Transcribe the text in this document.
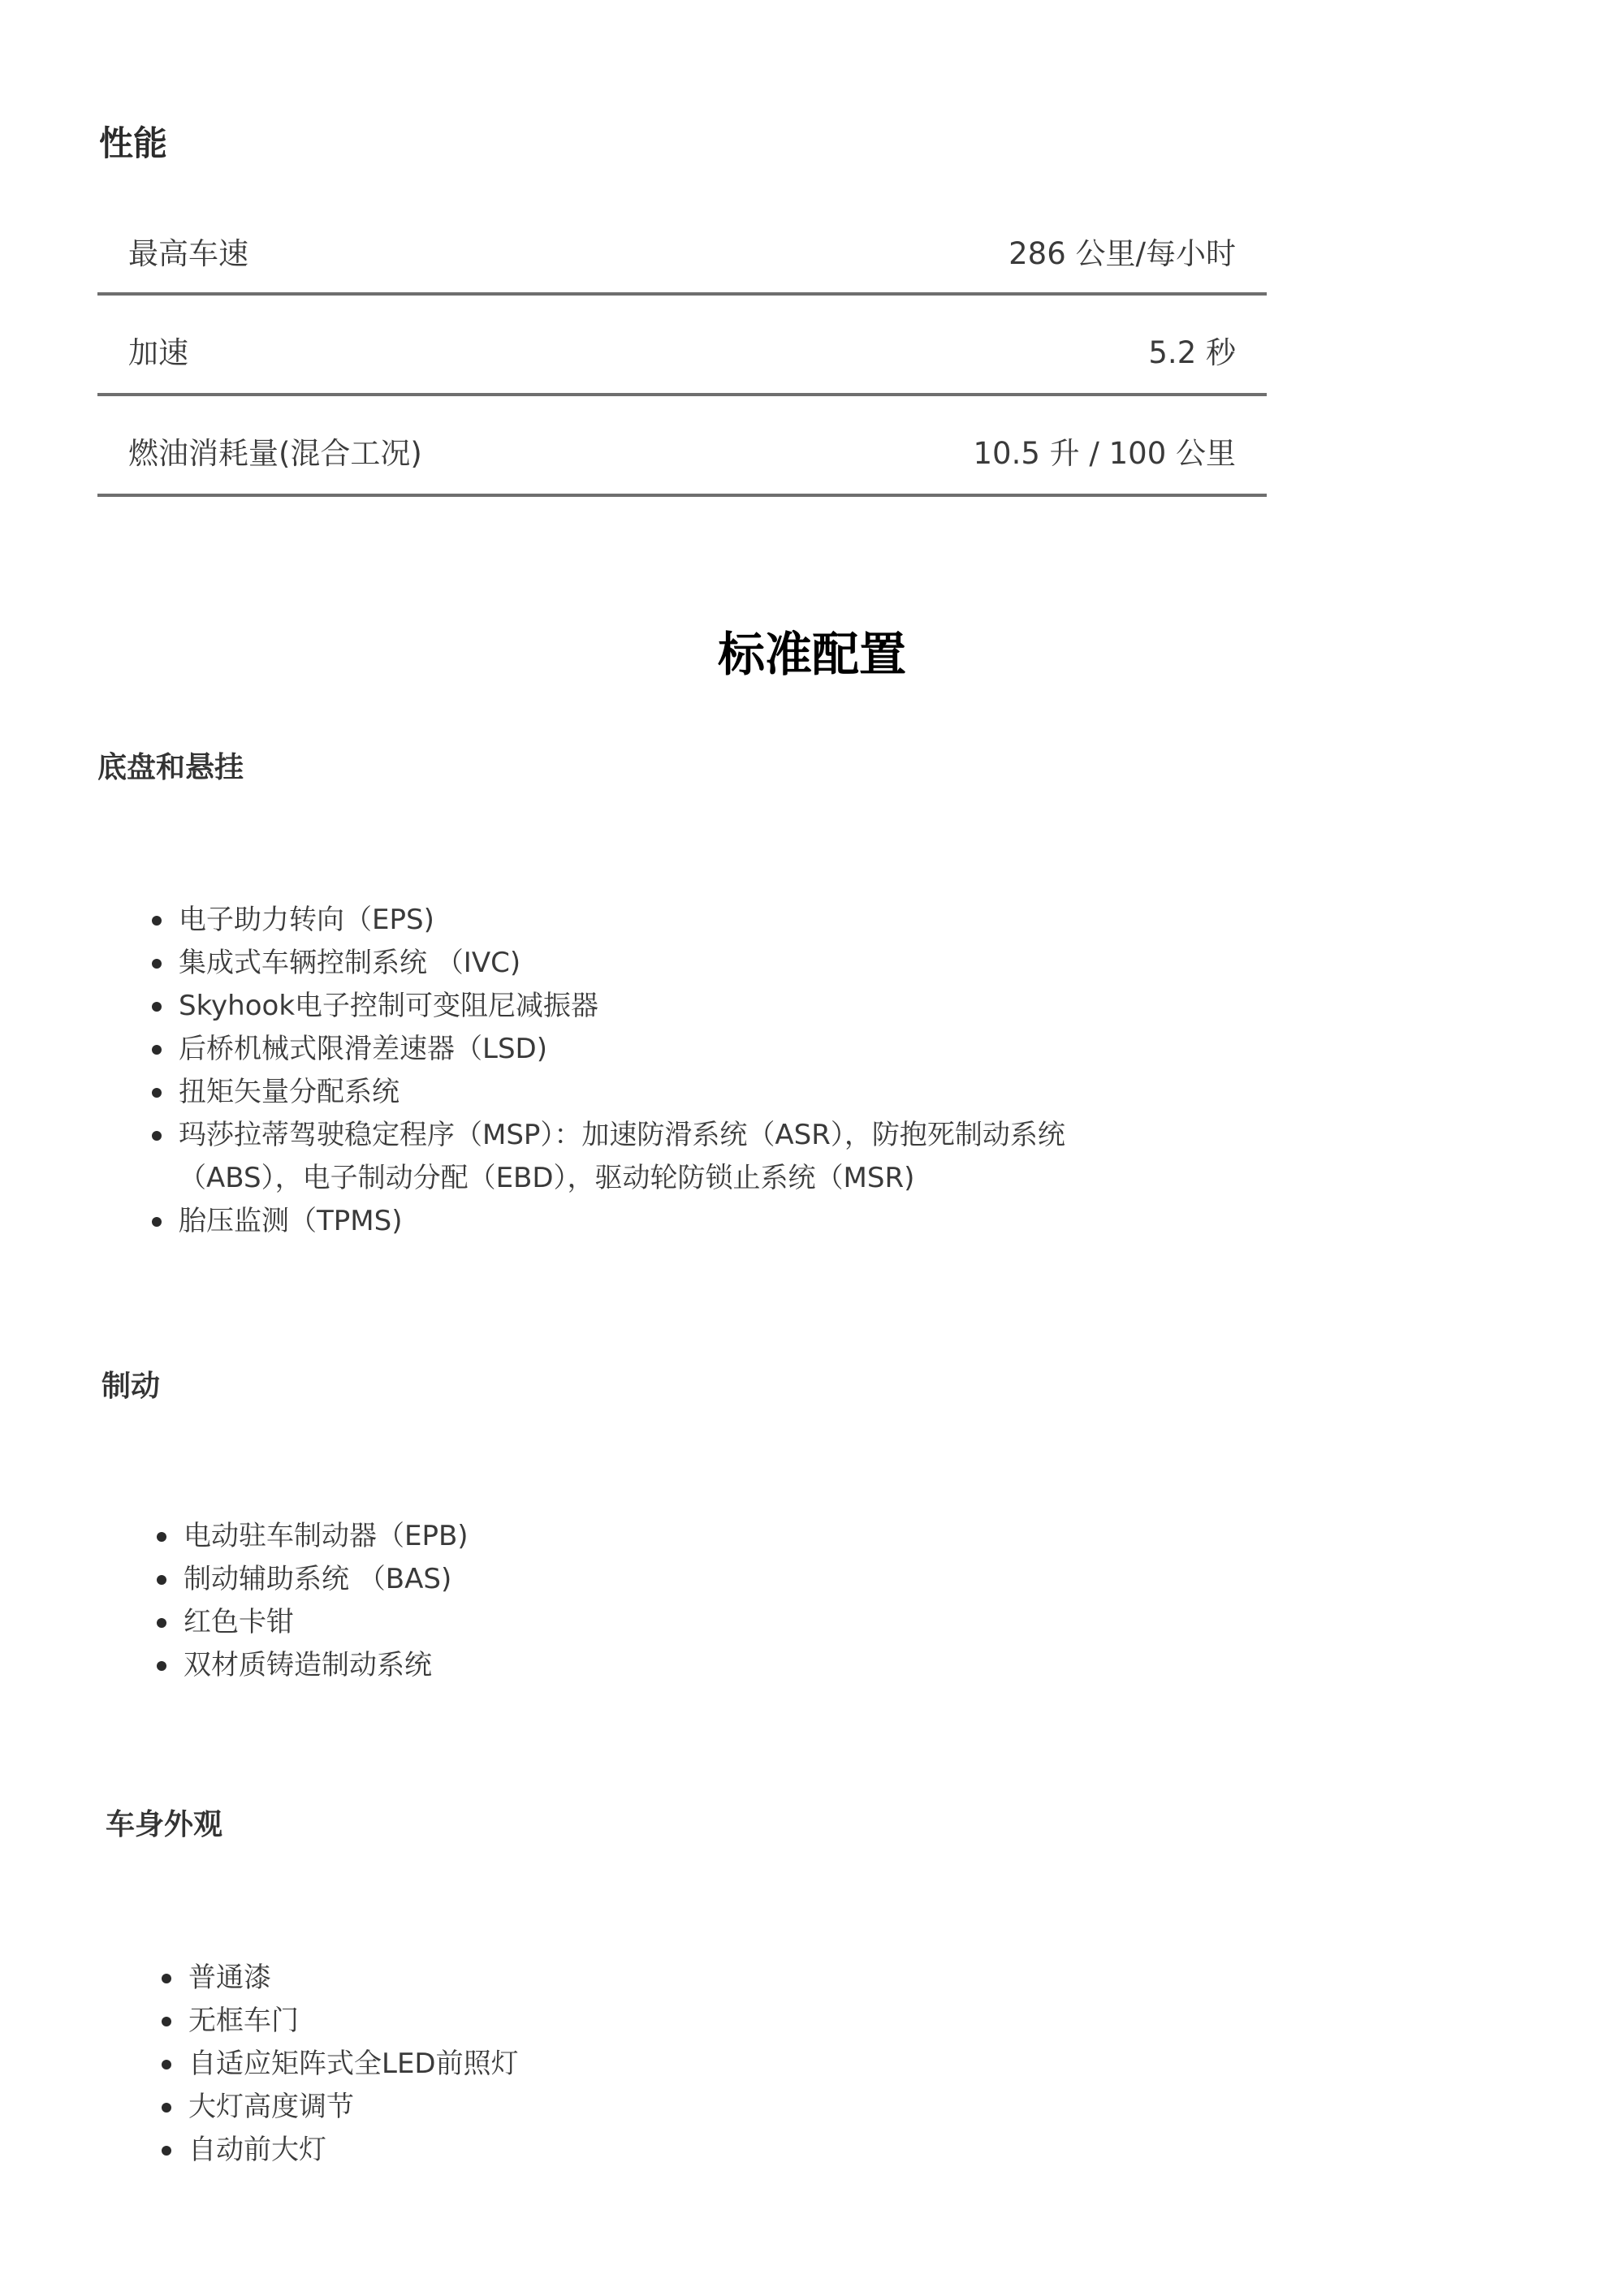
性能
最高车速	286 公里/每小时
加速	5.2 秒
燃油消耗量(混合工况)	10.5 升 / 100 公里
标准配置
底盘和悬挂
电子助力转向（EPS)
集成式车辆控制系统 （IVC)
Skyhook电子控制可变阻尼减振器
后桥机械式限滑差速器（LSD)
扭矩矢量分配系统
玛莎拉蒂驾驶稳定程序（MSP）：加速防滑系统（ASR），防抱死制动系统（ABS），电子制动分配（EBD），驱动轮防锁止系统（MSR)
胎压监测（TPMS)
制动
电动驻车制动器（EPB)
制动辅助系统 （BAS)
红色卡钳
双材质铸造制动系统
车身外观
普通漆
无框车门
自适应矩阵式全LED前照灯
大灯高度调节
自动前大灯
